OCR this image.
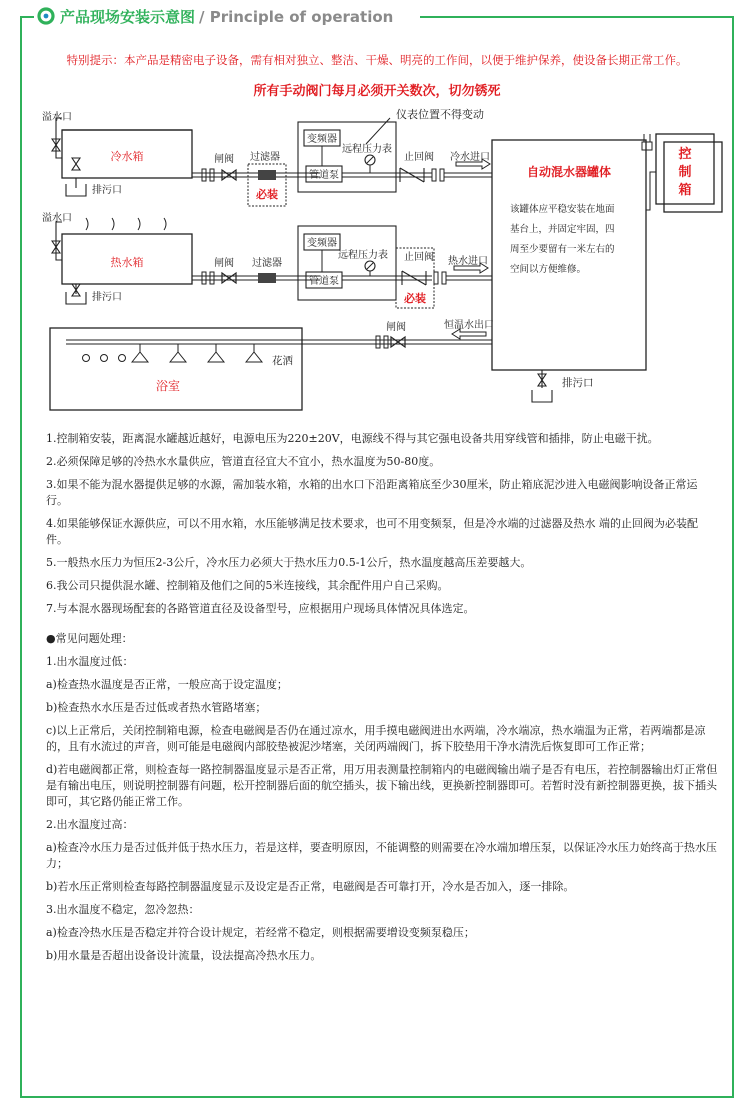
产品现场安装示意图 / Principle of operation
特别提示：本产品是精密电子设备，需有相对独立、整洁、干燥、明亮的工作间，以便于维护保养，使设备长期正常工作。
所有手动阀门每月必须开关数次，切勿锈死
冷水箱
溢水口
排污口
闸阀 过滤器
必装
变频器
管道泵
远程压力表
仪表位置不得变动
止回阀 冷水进口
溢水口
热水箱
排污口
闸阀 过滤器
变频器
管道泵
远程压力表 止回阀
必装
热水进口
自动混水器罐体
该罐体应平稳安装在地面
基台上，并固定牢固，四
周至少要留有一米左右的
空间以方便维修。
排污口
控
制
箱
闸阀	恒温水出口
花洒
浴室

1.控制箱安装，距离混水罐越近越好，电源电压为220±20V，电源线不得与其它强电设备共用穿线管和插排，防止电磁干扰。

2.必须保障足够的冷热水水量供应，管道直径宜大不宜小，热水温度为50-80度。

3.如果不能为混水器提供足够的水源，需加装水箱，水箱的出水口下沿距离箱底至少30厘米，防止箱底泥沙进入电磁阀影响设备正常运行。

4.如果能够保证水源供应，可以不用水箱，水压能够满足技术要求，也可不用变频泵，但是冷水端的过滤器及热水 端的止回阀为必装配件。

5.一般热水压力为恒压2-3公斤，冷水压力必须大于热水压力0.5-1公斤，热水温度越高压差要越大。

6.我公司只提供混水罐、控制箱及他们之间的5米连接线，其余配件用户自己采购。

7.与本混水器现场配套的各路管道直径及设备型号，应根据用户现场具体情况具体选定。

●常见问题处理：

1.出水温度过低：

a)检查热水温度是否正常，一般应高于设定温度；

b)检查热水水压是否过低或者热水管路堵塞；

c)以上正常后，关闭控制箱电源，检查电磁阀是否仍在通过凉水，用手摸电磁阀进出水两端，冷水端凉，热水端温为正常，若两端都是凉的，且有水流过的声音，则可能是电磁阀内部胶垫被泥沙堵塞，关闭两端阀门，拆下胶垫用干净水清洗后恢复即可工作正常；

d)若电磁阀都正常，则检查每一路控制器温度显示是否正常，用万用表测量控制箱内的电磁阀输出端子是否有电压，若控制器输出灯正常但是有输出电压，则说明控制器有问题，松开控制器后面的航空插头，拔下输出线，更换新控制器即可。若暂时没有新控制器更换，拔下插头即可，其它路仍能正常工作。

2.出水温度过高：

a)检查冷水压力是否过低并低于热水压力，若是这样，要查明原因，不能调整的则需要在冷水端加增压泵，以保证冷水压力始终高于热水压力；

b)若水压正常则检查每路控制器温度显示及设定是否正常，电磁阀是否可靠打开，冷水是否加入，逐一排除。

3.出水温度不稳定，忽冷忽热：

a)检查冷热水压是否稳定并符合设计规定，若经常不稳定，则根据需要增设变频泵稳压；

b)用水量是否超出设备设计流量，设法提高冷热水压力。
